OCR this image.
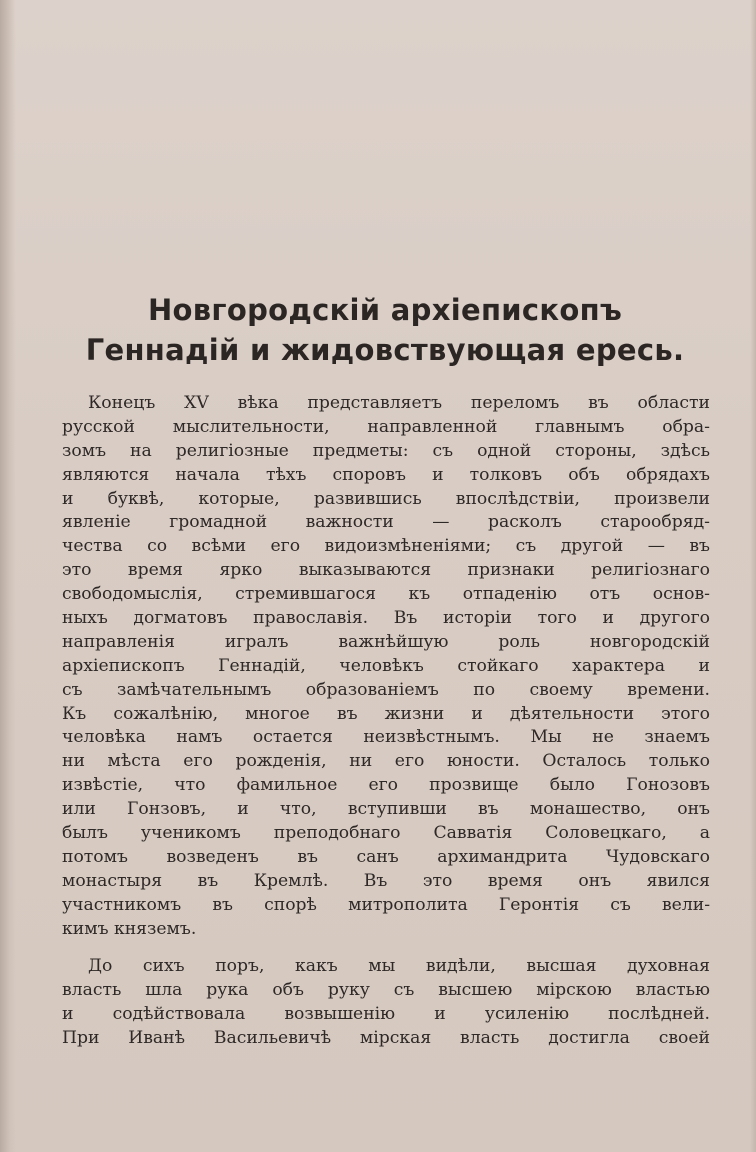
Новгородскій архіепископъ
Геннадій и жидовствующая ересь.
Конецъ XV вѣка представляетъ переломъ въ области
русской мыслительности, направленной главнымъ обра-
зомъ на религіозные предметы: съ одной стороны, здѣсь
являются начала тѣхъ споровъ и толковъ объ обрядахъ
и буквѣ, которые, развившись впослѣдствіи, произвели
явленіе громадной важности — расколъ старообряд-
чества со всѣми его видоизмѣненіями; съ другой — въ
это время ярко выказываются признаки религіознаго
свободомыслія, стремившагося къ отпаденію отъ основ-
ныхъ догматовъ православія. Въ исторіи того и другого
направленія игралъ важнѣйшую роль новгородскій
архіепископъ Геннадій, человѣкъ стойкаго характера и
съ замѣчательнымъ образованіемъ по своему времени.
Къ сожалѣнію, многое въ жизни и дѣятельности этого
человѣка намъ остается неизвѣстнымъ. Мы не знаемъ
ни мѣста его рожденія, ни его юности. Осталось только
извѣстіе, что фамильное его прозвище было Гонозовъ
или Гонзовъ, и что, вступивши въ монашество, онъ
былъ ученикомъ преподобнаго Савватія Соловецкаго, а
потомъ возведенъ въ санъ архимандрита Чудовскаго
монастыря въ Кремлѣ. Въ это время онъ явился
участникомъ въ спорѣ митрополита Геронтія съ вели-
кимъ княземъ.
До сихъ поръ, какъ мы видѣли, высшая духовная
власть шла рука объ руку съ высшею мірскою властью
и содѣйствовала возвышенію и усиленію послѣдней.
При Иванѣ Васильевичѣ мірская власть достигла своей
